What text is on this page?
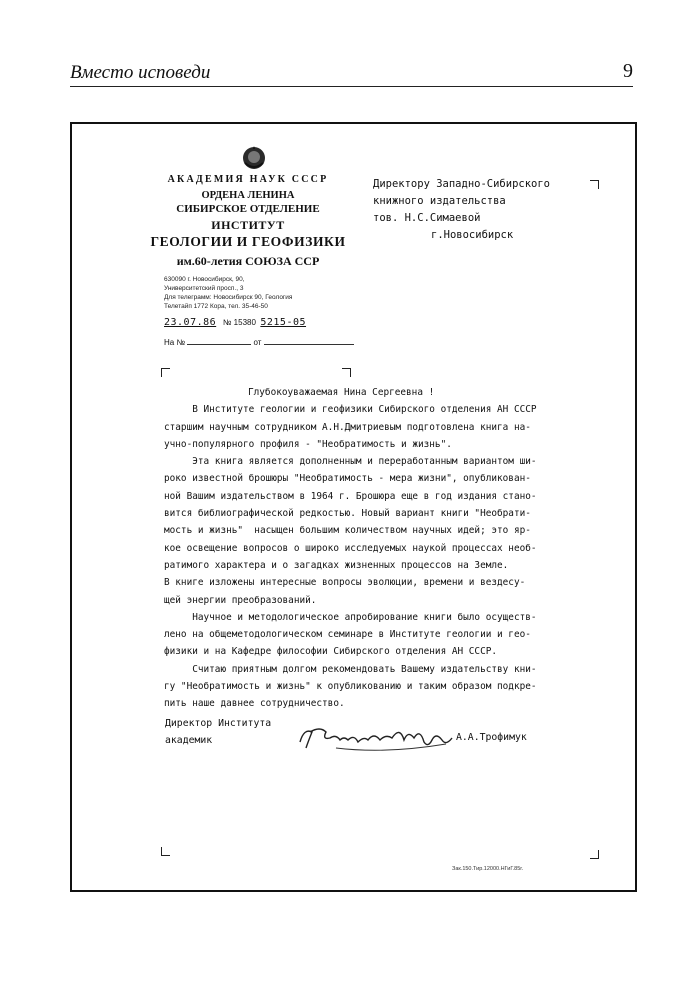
Вместо исповеди	9
АКАДЕМИЯ НАУК СССР
ОРДЕНА ЛЕНИНА
СИБИРСКОЕ ОТДЕЛЕНИЕ
ИНСТИТУТ
ГЕОЛОГИИ И ГЕОФИЗИКИ
им.60-летия СОЮЗА ССР
630090 г. Новосибирск, 90,
Университетский просп., 3
Для телеграмм: Новосибирск 90, Геология
Телетайп 1772 Кора, тел. 35-46-50
23.07.86 № 15380 5215-05
На №	от
Директору Западно-Сибирского
книжного издательства
тов. Н.С.Симаевой
г.Новосибирск
Глубокоуважаемая Нина Сергеевна !
В Институте геологии и геофизики Сибирского отделения АН СССР
старшим научным сотрудником А.Н.Дмитриевым подготовлена книга на-
учно-популярного профиля - "Необратимость и жизнь".
Эта книга является дополненным и переработанным вариантом ши-
роко известной брошюры "Необратимость - мера жизни", опубликован-
ной Вашим издательством в 1964 г. Брошюра еще в год издания стано-
вится библиографической редкостью. Новый вариант книги "Необрати-
мость и жизнь"  насыщен большим количеством научных идей; это яр-
кое освещение вопросов о широко исследуемых наукой процессах необ-
ратимого характера и о загадках жизненных процессов на Земле.
В книге изложены интересные вопросы эволюции, времени и вездесу-
щей энергии преобразований.
Научное и методологическое апробирование книги было осуществ-
лено на общеметодологическом семинаре в Институте геологии и гео-
физики и на Кафедре философии Сибирского отделения АН СССР.
Считаю приятным долгом рекомендовать Вашему издательству кни-
гу "Необратимость и жизнь" к опубликованию и таким образом подкре-
пить наше давнее сотрудничество.
Директор Института
академик	А.А.Трофимук
Зак.150.Тир.12000.НГиГ.85г.
